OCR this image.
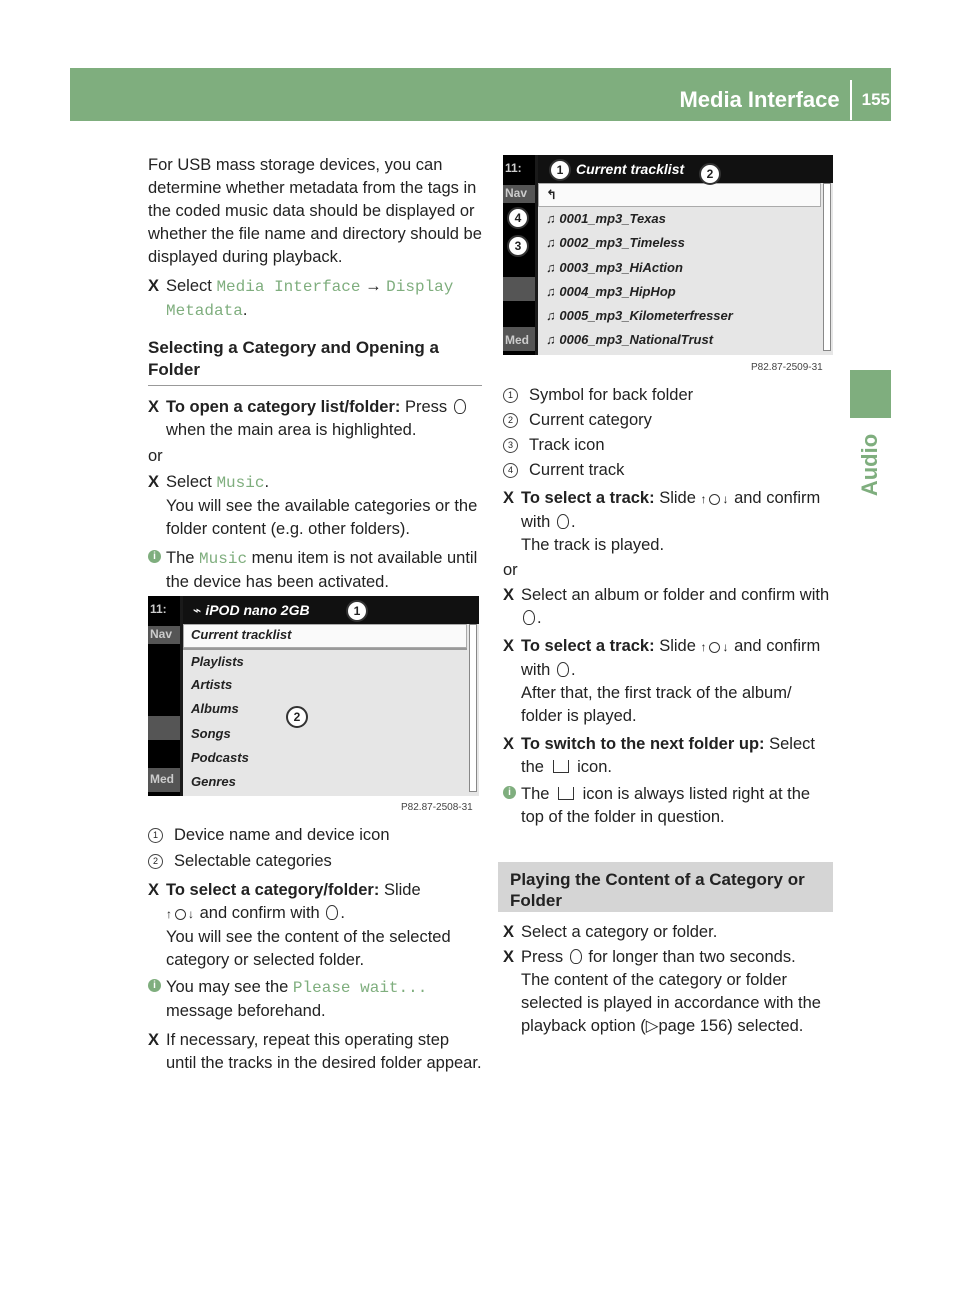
Media Interface 155
Audio

For USB mass storage devices, you can determine whether metadata from the tags in the coded music data should be displayed or whether the file name and directory should be displayed during playback.

X Select Media Interface → Display Metadata.

Selecting a Category and Opening a Folder

X To open a category list/folder: Press  when the main area is highlighted.

or

X Select Music.
You will see the available categories or the folder content (e.g. other folders).

i The Music menu item is not available until the device has been activated.

11:
Nav
Med
⌁ iPOD nano 2GB
Current tracklist
Playlists
Artists
Albums
Songs
Podcasts
Genres
1
2
P82.87-2508-31

1 Device name and device icon

2 Selectable categories

X To select a category/folder: Slide
↑ ↓ and confirm with .
You will see the content of the selected category or selected folder.

i You may see the Please wait...
message beforehand.

X If necessary, repeat this operating step until the tracks in the desired folder appear.

11:
Nav
Med
Current tracklist
↰
♫ 0001_mp3_Texas
♫ 0002_mp3_Timeless
♫ 0003_mp3_HiAction
♫ 0004_mp3_HipHop
♫ 0005_mp3_Kilometerfresser
♫ 0006_mp3_NationalTrust
1	2
4
3
P82.87-2509-31

1 Symbol for back folder

2 Current category

3 Track icon

4 Current track

X To select a track: Slide ↑ ↓ and confirm with .
The track is played.

or

X Select an album or folder and confirm with .

X To select a track: Slide ↑ ↓ and confirm with .
After that, the first track of the album/ folder is played.

X To switch to the next folder up: Select the icon.

i The icon is always listed right at the top of the folder in question.

Playing the Content of a Category or Folder

X Select a category or folder.

X Press for longer than two seconds.
The content of the category or folder selected is played in accordance with the playback option (▷page 156) selected.
